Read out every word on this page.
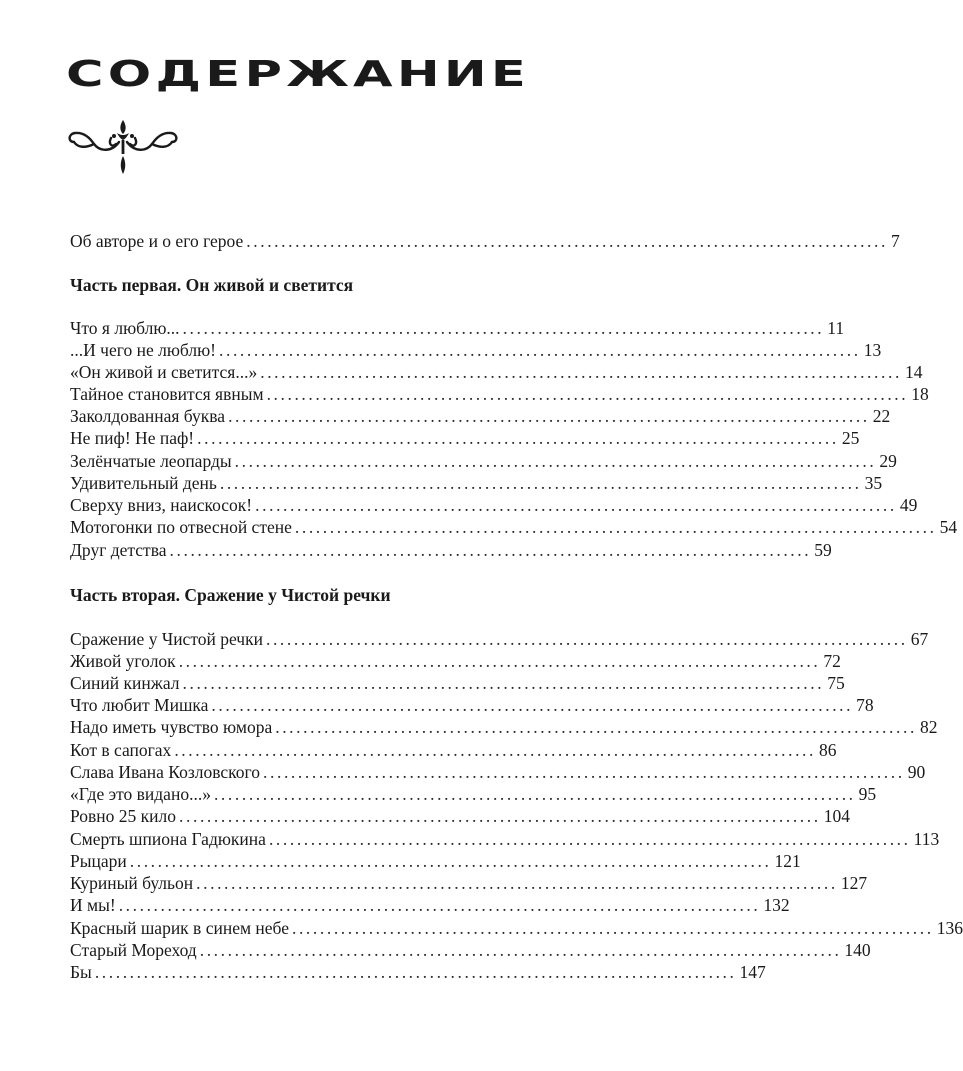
СОДЕРЖАНИЕ
Об авторе и о его герое ............................................................................................ 7
Часть первая. Он живой и светится
Что я люблю... ............................................................................................ 11
...И чего не люблю! ............................................................................................ 13
«Он живой и светится...» ............................................................................................ 14
Тайное становится явным ............................................................................................ 18
Заколдованная буква ............................................................................................ 22
Не пиф! Не паф! ............................................................................................ 25
Зелёнчатые леопарды ............................................................................................ 29
Удивительный день ............................................................................................ 35
Сверху вниз, наискосок! ............................................................................................ 49
Мотогонки по отвесной стене ............................................................................................ 54
Друг детства ............................................................................................ 59
Часть вторая. Сражение у Чистой речки
Сражение у Чистой речки ............................................................................................ 67
Живой уголок ............................................................................................ 72
Синий кинжал ............................................................................................ 75
Что любит Мишка ............................................................................................ 78
Надо иметь чувство юмора ............................................................................................ 82
Кот в сапогах ............................................................................................ 86
Слава Ивана Козловского ............................................................................................ 90
«Где это видано...» ............................................................................................ 95
Ровно 25 кило ............................................................................................ 104
Смерть шпиона Гадюкина ............................................................................................ 113
Рыцари ............................................................................................ 121
Куриный бульон ............................................................................................ 127
И мы! ............................................................................................ 132
Красный шарик в синем небе ............................................................................................ 136
Старый Мореход ............................................................................................ 140
Бы ............................................................................................ 147
